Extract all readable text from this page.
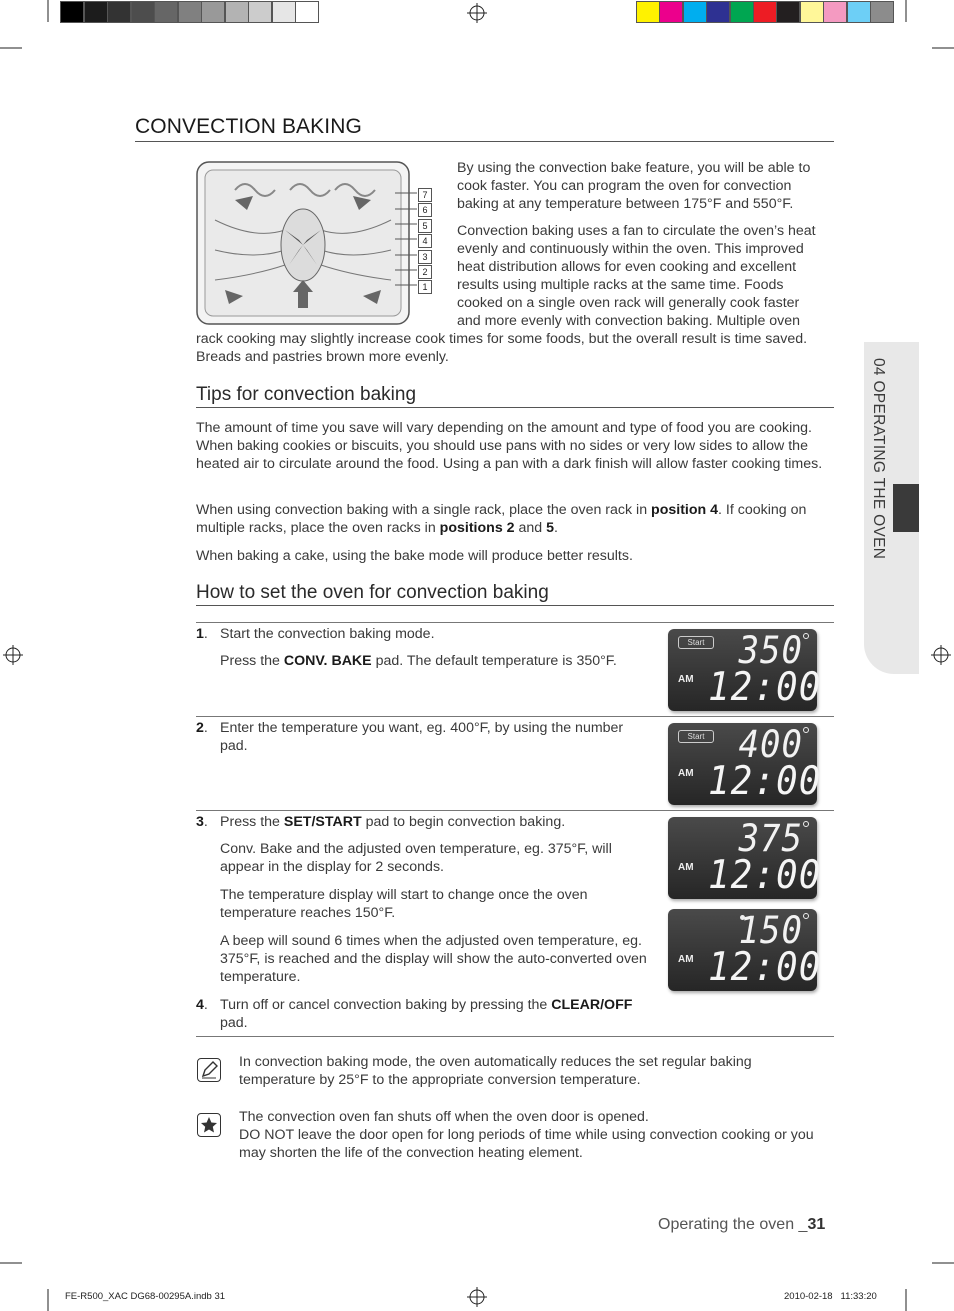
04 OPERATING THE OVEN
CONVECTION BAKING
7
6
5
4
3
2
1
By using the convection bake feature, you will be able to cook faster. You can program the oven for convection baking at any temperature between 175°F and 550°F.
Convection baking uses a fan to circulate the oven’s heat
evenly and continuously within the oven. This improved
heat distribution allows for even cooking and excellent
results using multiple racks at the same time. Foods
cooked on a single oven rack will generally cook faster
and more evenly with convection baking. Multiple oven
rack cooking may slightly increase cook times for some foods, but the overall result is time saved.
Breads and pastries brown more evenly.
Tips for convection baking
The amount of time you save will vary depending on the amount and type of food you are cooking. When baking cookies or biscuits, you should use pans with no sides or very low sides to allow the heated air to circulate around the food. Using a pan with a dark finish will allow faster cooking times.
When using convection baking with a single rack, place the oven rack in position 4. If cooking on multiple racks, place the oven racks in positions 2 and 5.
When baking a cake, using the bake mode will produce better results.
How to set the oven for convection baking
1. Start the convection baking mode.
Press the CONV. BAKE pad. The default temperature is 350°F.
2. Enter the temperature you want, eg. 400°F, by using the number pad.
3. Press the SET/START pad to begin convection baking.
Conv. Bake and the adjusted oven temperature, eg. 375°F, will appear in the display for 2 seconds.
The temperature display will start to change once the oven temperature reaches 150°F.
A beep will sound 6 times when the adjusted oven temperature, eg. 375°F, is reached and the display will show the auto-converted oven temperature.
4. Turn off or cancel convection baking by pressing the CLEAR/OFF pad.
Start 350
AM 12:00
Start 400
AM 12:00
375
AM 12:00
150
AM 12:00
In convection baking mode, the oven automatically reduces the set regular baking temperature by 25°F to the appropriate conversion temperature.
The convection oven fan shuts off when the oven door is opened.
DO NOT leave the door open for long periods of time while using convection cooking or you may shorten the life of the convection heating element.
Operating the oven _31
FE-R500_XAC DG68-00295A.indb 31	2010-02-18   11:33:20
